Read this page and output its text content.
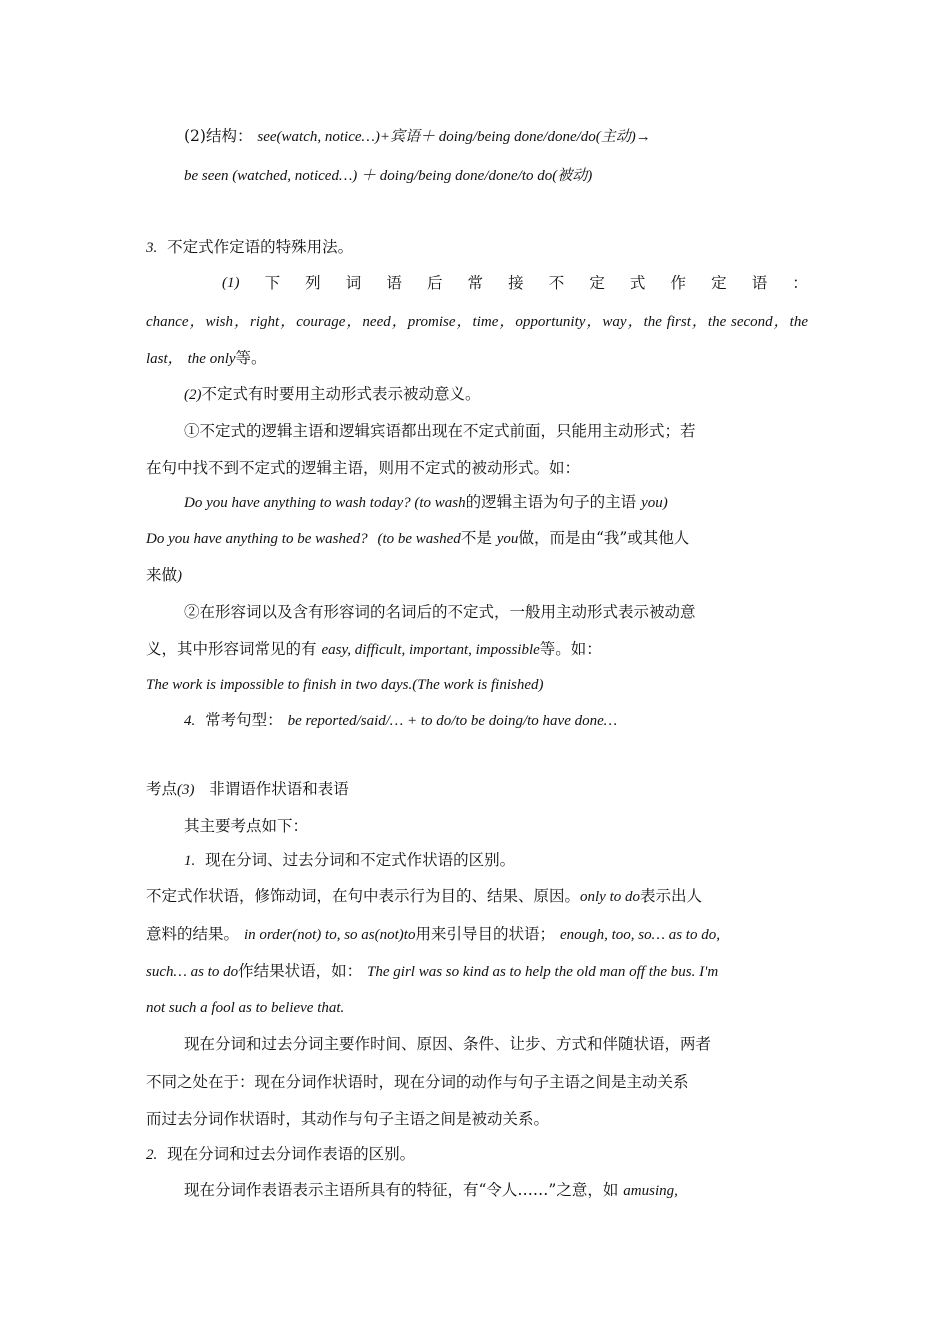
(2)结构： see(watch, notice…)+宾语＋ doing/being done/done/do(主动)→
be seen (watched, noticed…) ＋ doing/being done/done/to do(被动)
3. 不定式作定语的特殊用法。
(1) 下 列 词 语 后 常 接 不 定 式 作 定 语 ：
chance，wish，right，courage，need，promise，time，opportunity，way，the first，the second，the
last， the only等。
(2)不定式有时要用主动形式表示被动意义。
①不定式的逻辑主语和逻辑宾语都出现在不定式前面，只能用主动形式；若
在句中找不到不定式的逻辑主语，则用不定式的被动形式。如：
Do you have anything to wash today? (to wash的逻辑主语为句子的主语 you)
Do you have anything to be washed? (to be washed不是 you做，而是由“我”或其他人
来做)
②在形容词以及含有形容词的名词后的不定式，一般用主动形式表示被动意
义，其中形容词常见的有 easy, difficult, important, impossible等。如：
The work is impossible to finish in two days.(The work is finished)
4. 常考句型： be reported/said/… + to do/to be doing/to have done…
考点(3) 非谓语作状语和表语
其主要考点如下：
1. 现在分词、过去分词和不定式作状语的区别。
不定式作状语，修饰动词，在句中表示行为目的、结果、原因。only to do表示出人
意料的结果。 in order(not) to, so as(not)to用来引导目的状语； enough, too, so… as to do,
such… as to do作结果状语，如： The girl was so kind as to help the old man off the bus. I'm
not such a fool as to believe that.
现在分词和过去分词主要作时间、原因、条件、让步、方式和伴随状语，两者
不同之处在于：现在分词作状语时，现在分词的动作与句子主语之间是主动关系
而过去分词作状语时，其动作与句子主语之间是被动关系。
2. 现在分词和过去分词作表语的区别。
现在分词作表语表示主语所具有的特征，有“令人……”之意，如 amusing,
